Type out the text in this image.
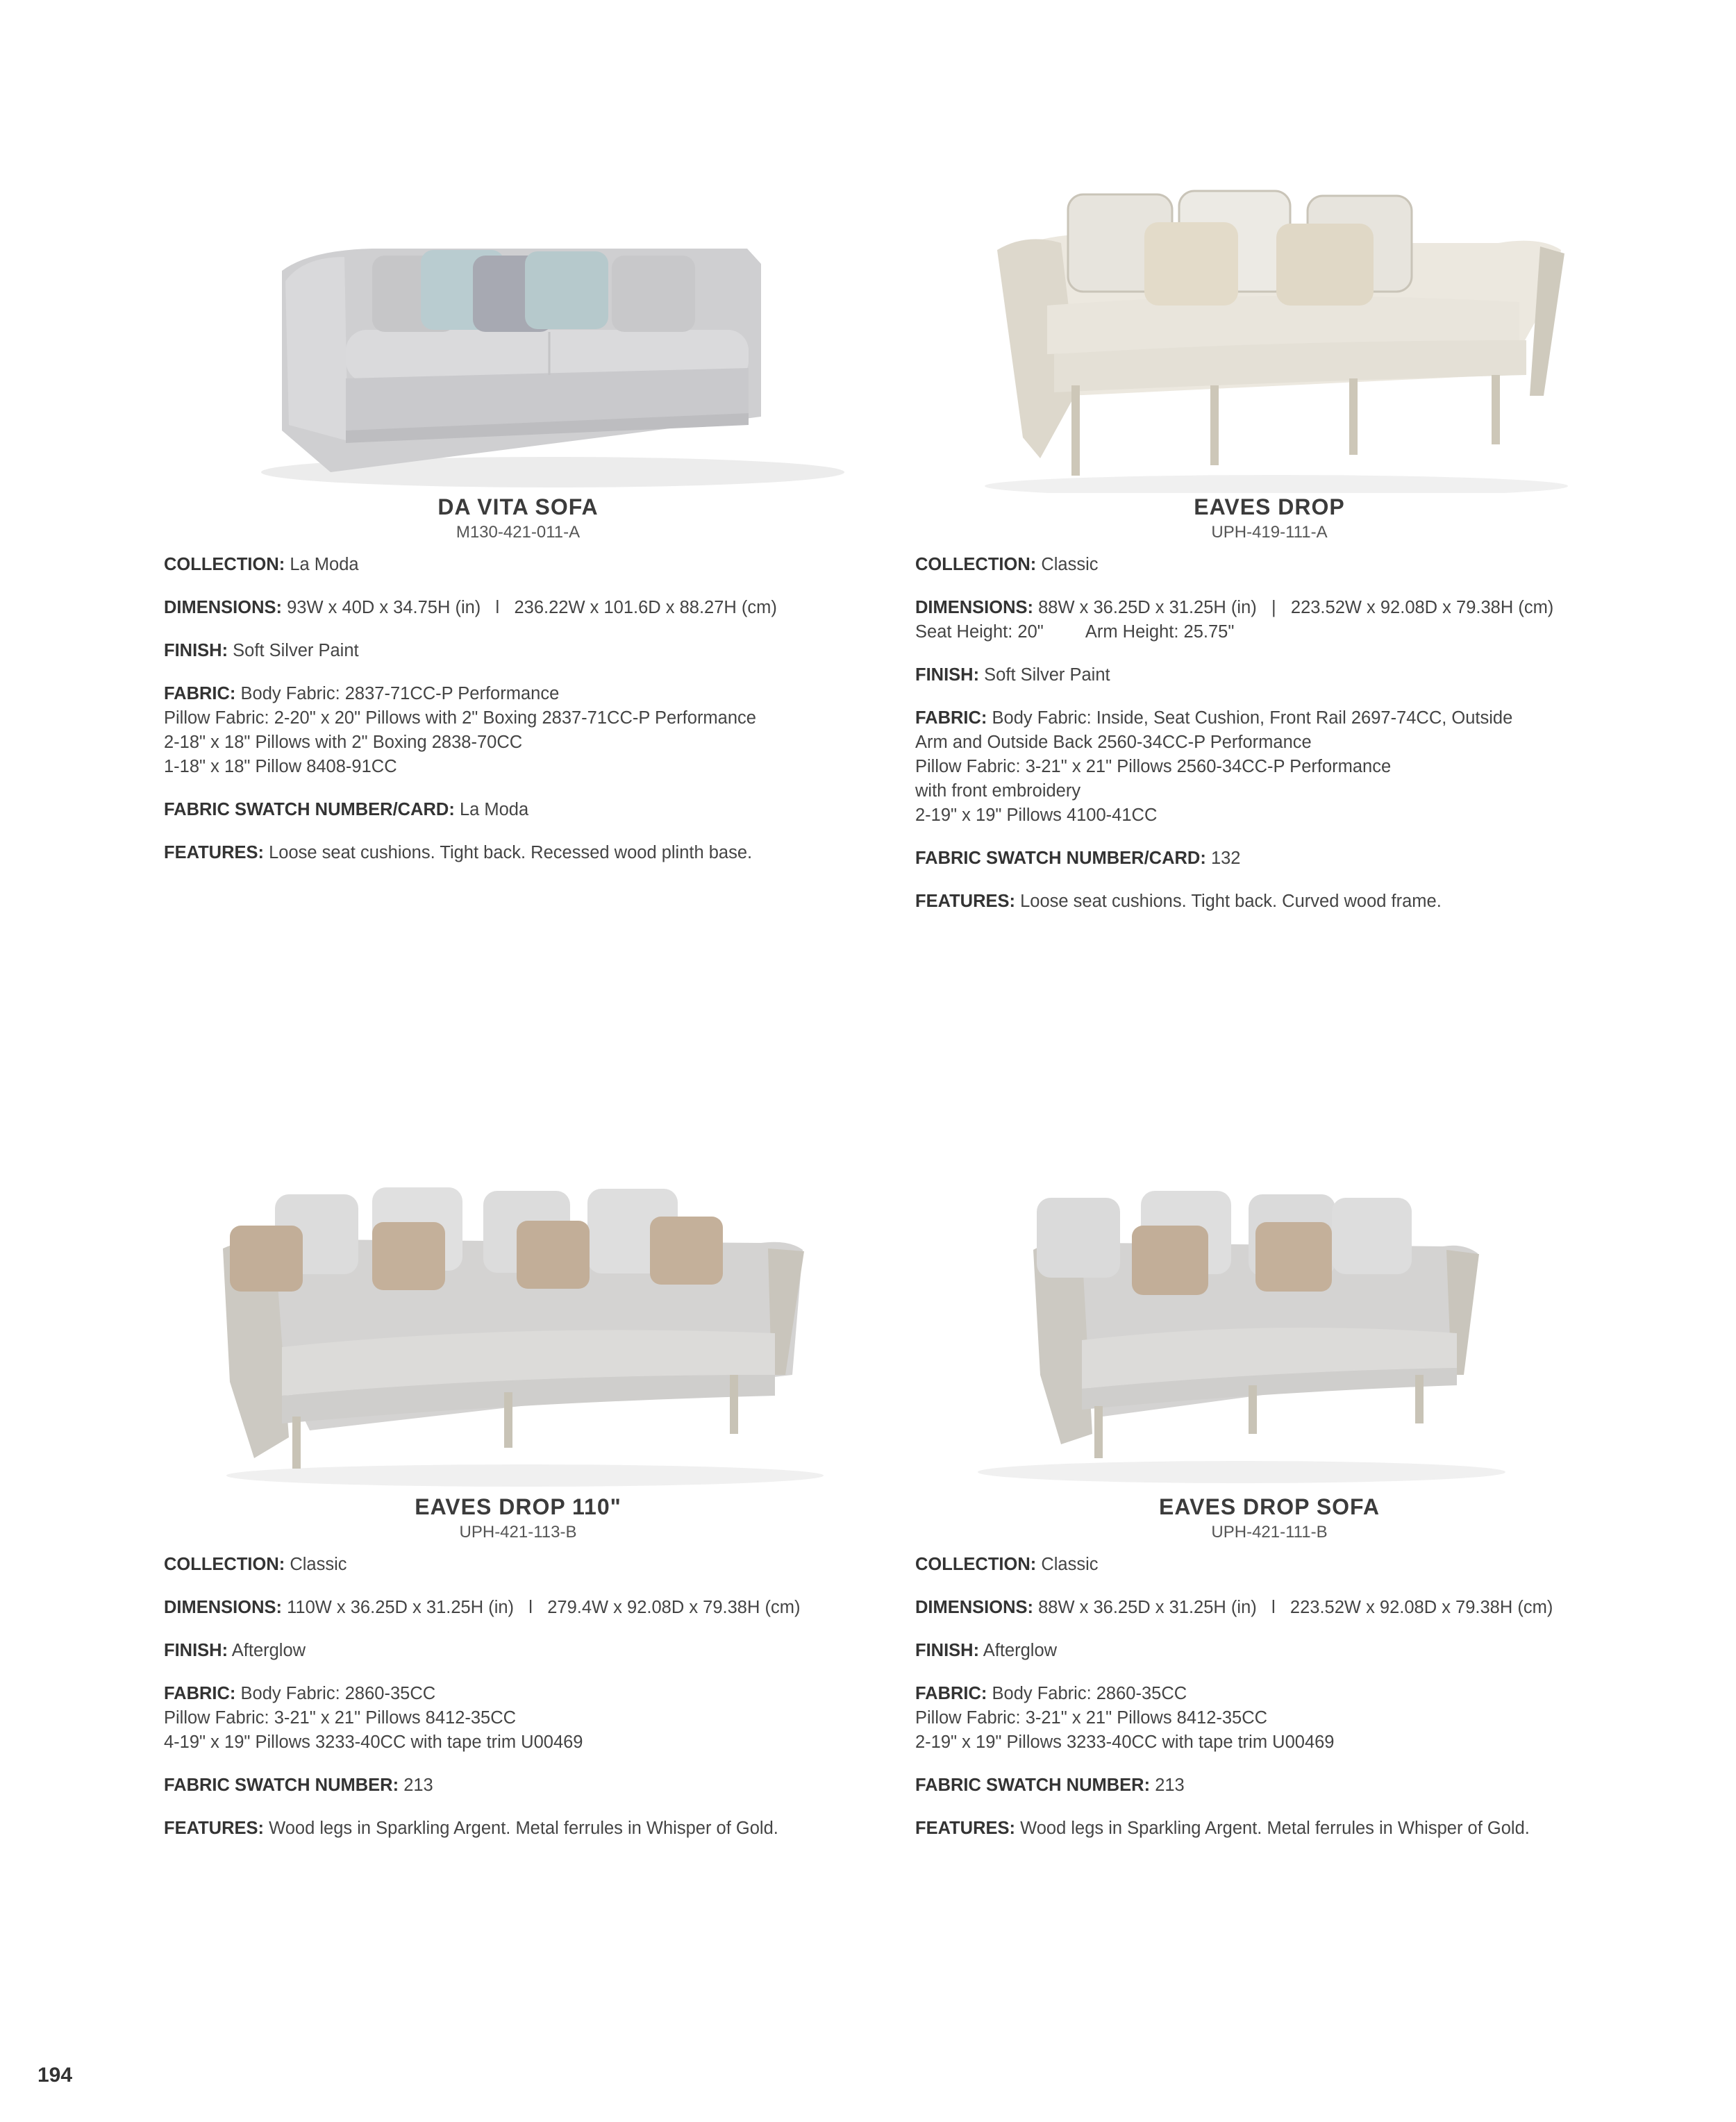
DA VITA SOFA

M130-421-011-A

COLLECTION: La Moda
DIMENSIONS: 93W x 40D x 34.75H (in)   l   236.22W x 101.6D x 88.27H (cm)
FINISH: Soft Silver Paint
FABRIC: Body Fabric: 2837-71CC-P Performance
Pillow Fabric: 2-20" x 20" Pillows with 2" Boxing 2837-71CC-P Performance
2-18" x 18" Pillows with 2" Boxing 2838-70CC
1-18" x 18" Pillow 8408-91CC
FABRIC SWATCH NUMBER/CARD: La Moda
FEATURES: Loose seat cushions. Tight back. Recessed wood plinth base.

EAVES DROP

UPH-419-111-A

COLLECTION: Classic
DIMENSIONS: 88W x 36.25D x 31.25H (in)   |   223.52W x 92.08D x 79.38H (cm)
Seat Height: 20" Arm Height: 25.75"
FINISH: Soft Silver Paint
FABRIC: Body Fabric: Inside, Seat Cushion, Front Rail 2697-74CC, Outside
Arm and Outside Back 2560-34CC-P Performance
Pillow Fabric: 3-21" x 21" Pillows 2560-34CC-P Performance
with front embroidery
2-19" x 19" Pillows 4100-41CC
FABRIC SWATCH NUMBER/CARD: 132
FEATURES: Loose seat cushions. Tight back. Curved wood frame.

EAVES DROP 110"

UPH-421-113-B

COLLECTION: Classic
DIMENSIONS: 110W x 36.25D x 31.25H (in)   l   279.4W x 92.08D x 79.38H (cm)
FINISH: Afterglow
FABRIC: Body Fabric: 2860-35CC
Pillow Fabric: 3-21" x 21" Pillows 8412-35CC
4-19" x 19" Pillows 3233-40CC with tape trim U00469
FABRIC SWATCH NUMBER: 213
FEATURES: Wood legs in Sparkling Argent. Metal ferrules in Whisper of Gold.

EAVES DROP SOFA

UPH-421-111-B

COLLECTION: Classic
DIMENSIONS: 88W x 36.25D x 31.25H (in)   l   223.52W x 92.08D x 79.38H (cm)
FINISH: Afterglow
FABRIC: Body Fabric: 2860-35CC
Pillow Fabric: 3-21" x 21" Pillows 8412-35CC
2-19" x 19" Pillows 3233-40CC with tape trim U00469
FABRIC SWATCH NUMBER: 213
FEATURES: Wood legs in Sparkling Argent. Metal ferrules in Whisper of Gold.
194
